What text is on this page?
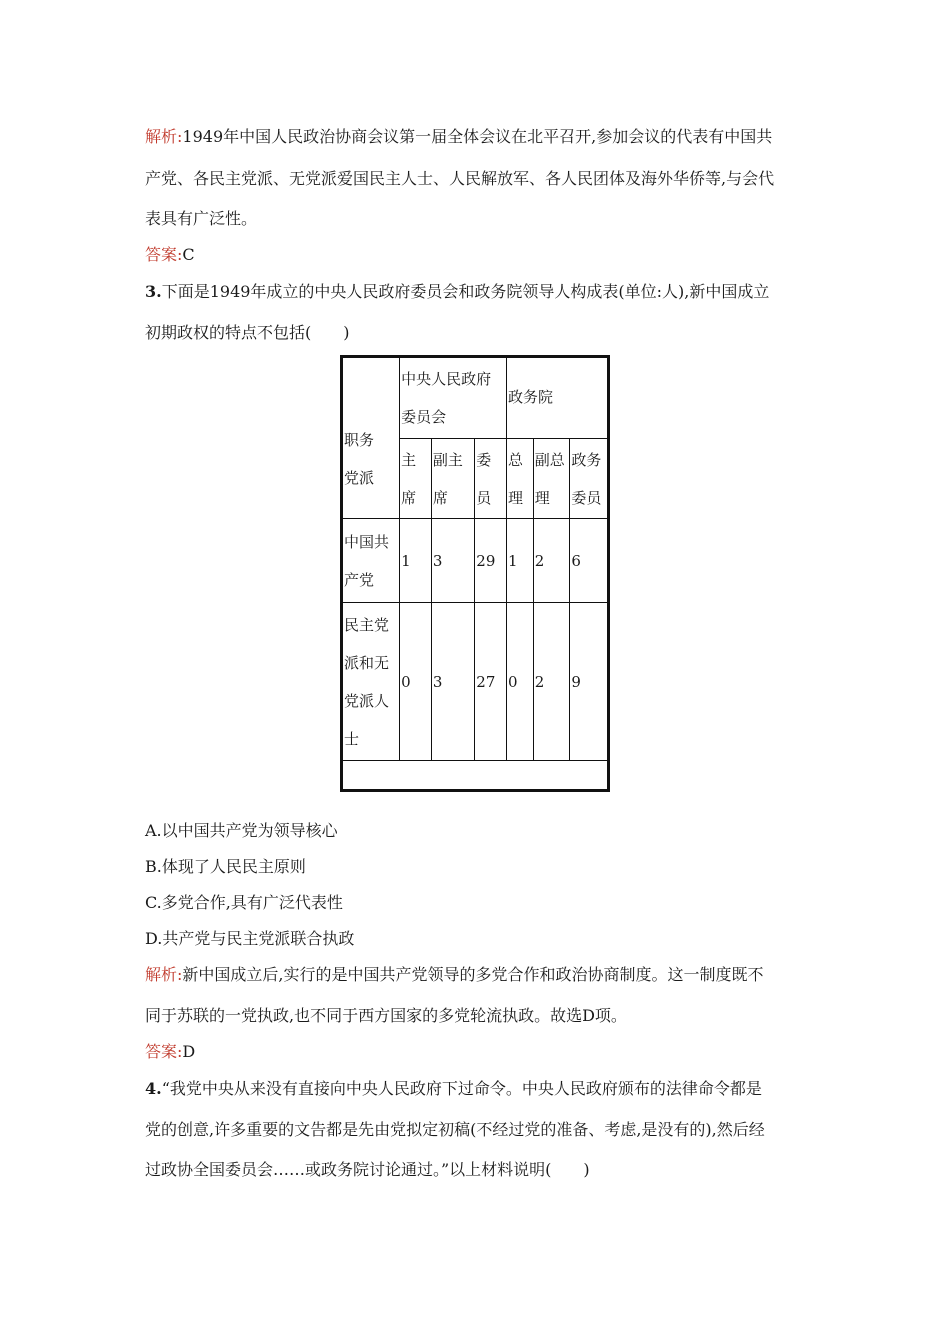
解析:1949年中国人民政治协商会议第一届全体会议在北平召开,参加会议的代表有中国共
产党、各民主党派、无党派爱国民主人士、人民解放军、各人民团体及海外华侨等,与会代
表具有广泛性。
答案:C
3.下面是1949年成立的中央人民政府委员会和政务院领导人构成表(单位:人),新中国成立
初期政权的特点不包括(　　)
职务
党派	中央人民政府委员会			政务院		
	主席	副主席	委员	总理	副总理	政务委员
中国共产党	1	3	29	1	2	6
民主党派和无党派人士	0	3	27	0	2	9

A.以中国共产党为领导核心
B.体现了人民民主原则
C.多党合作,具有广泛代表性
D.共产党与民主党派联合执政
解析:新中国成立后,实行的是中国共产党领导的多党合作和政治协商制度。这一制度既不
同于苏联的一党执政,也不同于西方国家的多党轮流执政。故选D项。
答案:D
4.“我党中央从来没有直接向中央人民政府下过命令。中央人民政府颁布的法律命令都是
党的创意,许多重要的文告都是先由党拟定初稿(不经过党的准备、考虑,是没有的),然后经
过政协全国委员会……或政务院讨论通过。”以上材料说明(　　)
